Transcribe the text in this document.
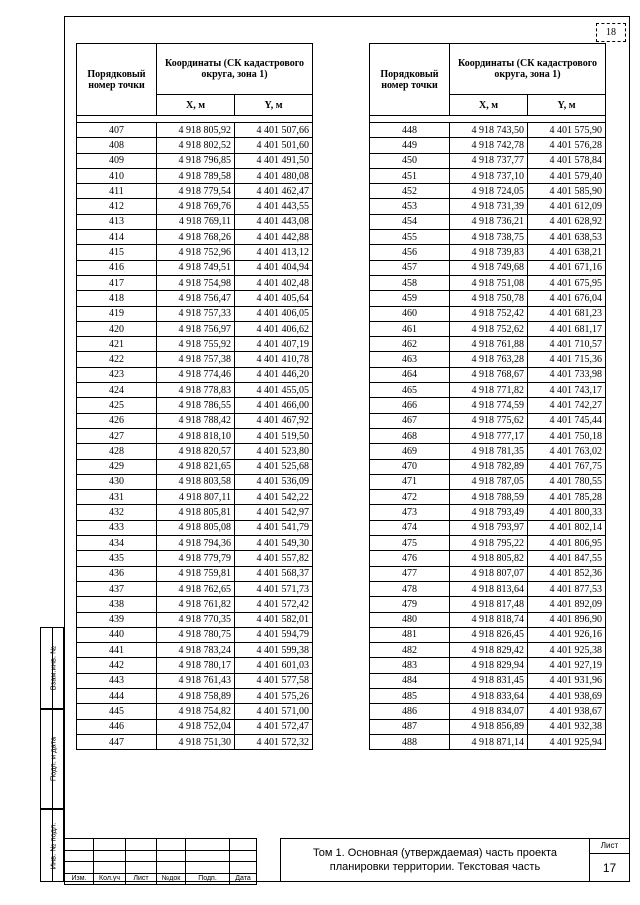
18
Порядковый номер точки	Координаты (СК кадастрового округа, зона 1)	
	X, м	Y, м

407	4 918 805,92	4 401 507,66
408	4 918 802,52	4 401 501,60
409	4 918 796,85	4 401 491,50
410	4 918 789,58	4 401 480,08
411	4 918 779,54	4 401 462,47
412	4 918 769,76	4 401 443,55
413	4 918 769,11	4 401 443,08
414	4 918 768,26	4 401 442,88
415	4 918 752,96	4 401 413,12
416	4 918 749,51	4 401 404,94
417	4 918 754,98	4 401 402,48
418	4 918 756,47	4 401 405,64
419	4 918 757,33	4 401 406,05
420	4 918 756,97	4 401 406,62
421	4 918 755,92	4 401 407,19
422	4 918 757,38	4 401 410,78
423	4 918 774,46	4 401 446,20
424	4 918 778,83	4 401 455,05
425	4 918 786,55	4 401 466,00
426	4 918 788,42	4 401 467,92
427	4 918 818,10	4 401 519,50
428	4 918 820,57	4 401 523,80
429	4 918 821,65	4 401 525,68
430	4 918 803,58	4 401 536,09
431	4 918 807,11	4 401 542,22
432	4 918 805,81	4 401 542,97
433	4 918 805,08	4 401 541,79
434	4 918 794,36	4 401 549,30
435	4 918 779,79	4 401 557,82
436	4 918 759,81	4 401 568,37
437	4 918 762,65	4 401 571,73
438	4 918 761,82	4 401 572,42
439	4 918 770,35	4 401 582,01
440	4 918 780,75	4 401 594,79
441	4 918 783,24	4 401 599,38
442	4 918 780,17	4 401 601,03
443	4 918 761,43	4 401 577,58
444	4 918 758,89	4 401 575,26
445	4 918 754,82	4 401 571,00
446	4 918 752,04	4 401 572,47
447	4 918 751,30	4 401 572,32
Порядковый номер точки	Координаты (СК кадастрового округа, зона 1)	
	X, м	Y, м

448	4 918 743,50	4 401 575,90
449	4 918 742,78	4 401 576,28
450	4 918 737,77	4 401 578,84
451	4 918 737,10	4 401 579,40
452	4 918 724,05	4 401 585,90
453	4 918 731,39	4 401 612,09
454	4 918 736,21	4 401 628,92
455	4 918 738,75	4 401 638,53
456	4 918 739,83	4 401 638,21
457	4 918 749,68	4 401 671,16
458	4 918 751,08	4 401 675,95
459	4 918 750,78	4 401 676,04
460	4 918 752,42	4 401 681,23
461	4 918 752,62	4 401 681,17
462	4 918 761,88	4 401 710,57
463	4 918 763,28	4 401 715,36
464	4 918 768,67	4 401 733,98
465	4 918 771,82	4 401 743,17
466	4 918 774,59	4 401 742,27
467	4 918 775,62	4 401 745,44
468	4 918 777,17	4 401 750,18
469	4 918 781,35	4 401 763,02
470	4 918 782,89	4 401 767,75
471	4 918 787,05	4 401 780,55
472	4 918 788,59	4 401 785,28
473	4 918 793,49	4 401 800,33
474	4 918 793,97	4 401 802,14
475	4 918 795,22	4 401 806,95
476	4 918 805,82	4 401 847,55
477	4 918 807,07	4 401 852,36
478	4 918 813,64	4 401 877,53
479	4 918 817,48	4 401 892,09
480	4 918 818,74	4 401 896,90
481	4 918 826,45	4 401 926,16
482	4 918 829,42	4 401 925,38
483	4 918 829,94	4 401 927,19
484	4 918 831,45	4 401 931,96
485	4 918 833,64	4 401 938,69
486	4 918 834,07	4 401 938,67
487	4 918 856,89	4 401 932,38
488	4 918 871,14	4 401 925,94
Взам.инв. №
Подп. и дата
Инв. № подл.

Изм.	Кол.уч	Лист	№док	Подп.	Дата
Том 1. Основная (утверждаемая) часть проекта
планировки территории. Текстовая часть
Лист
17
